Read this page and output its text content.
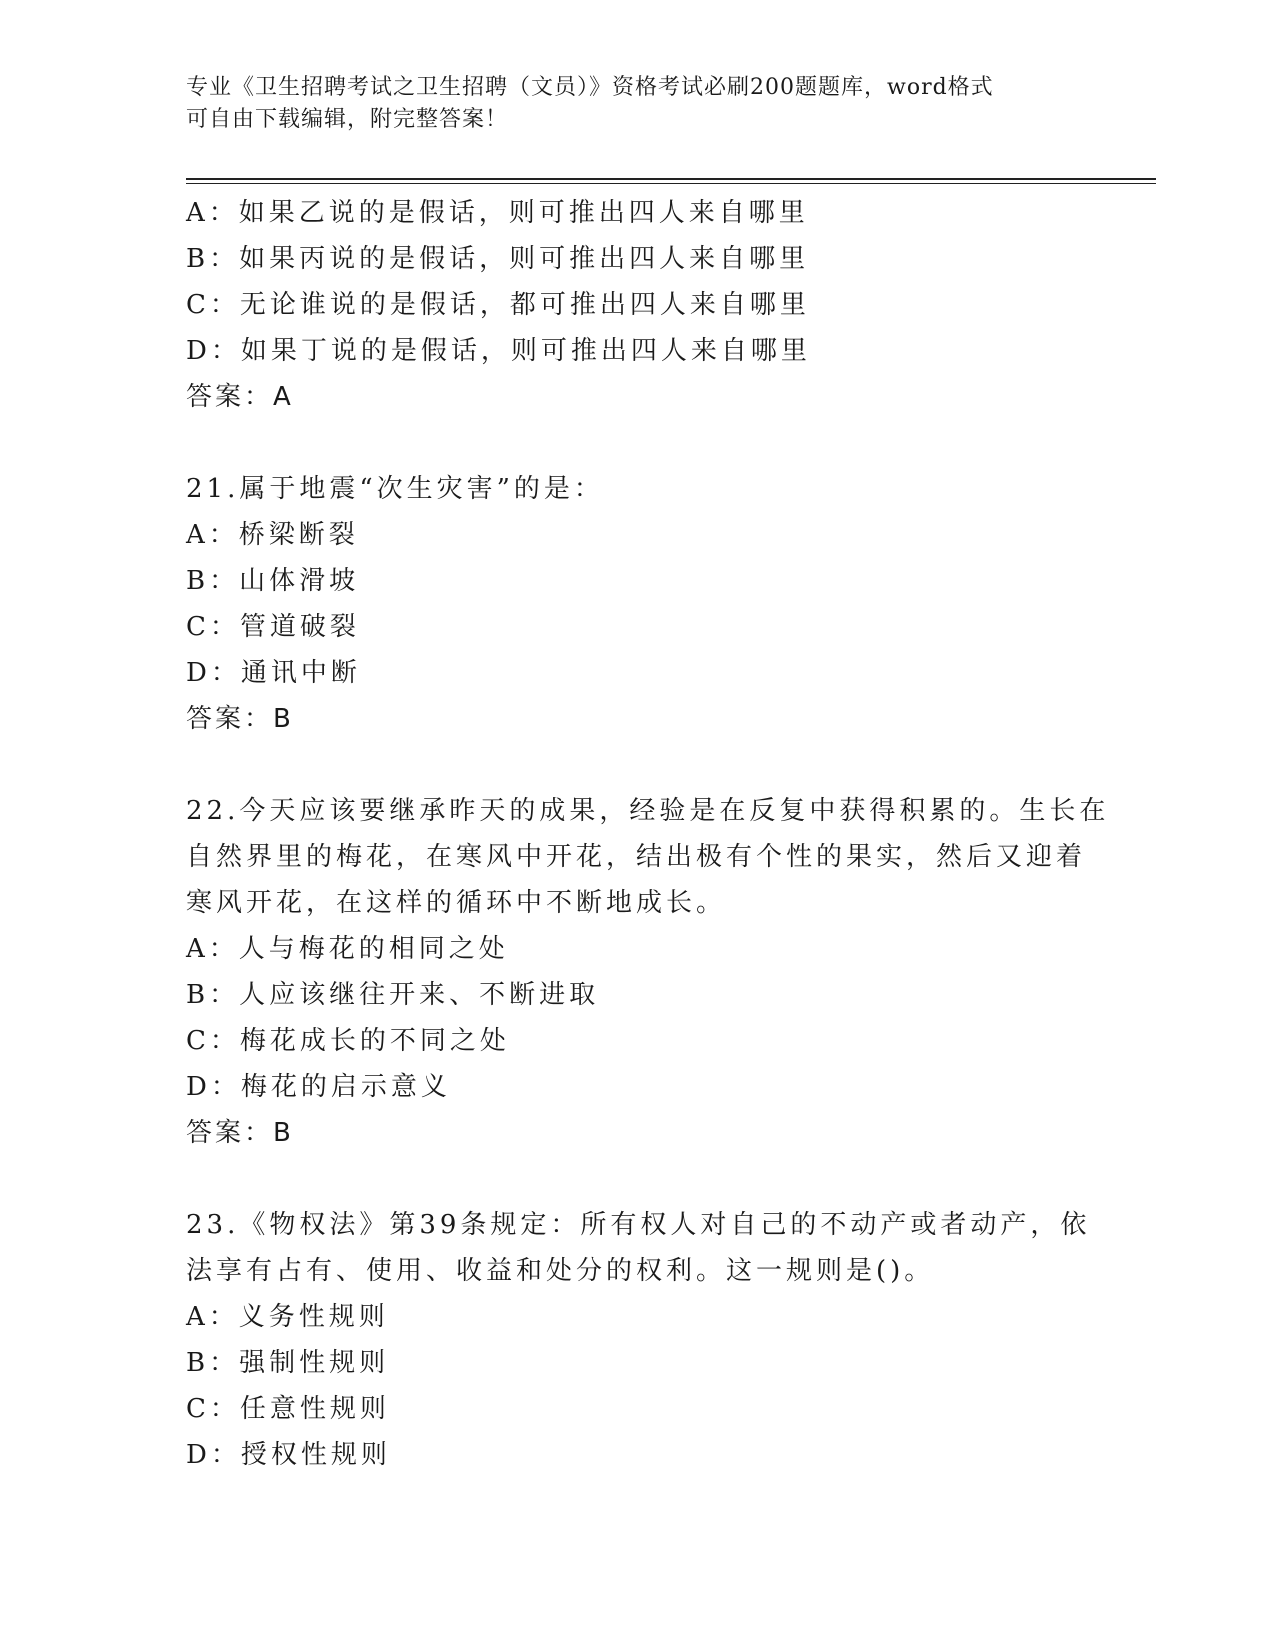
专业《卫生招聘考试之卫生招聘（文员）》资格考试必刷200题题库，word格式
可自由下载编辑，附完整答案！
A：如果乙说的是假话，则可推出四人来自哪里
B：如果丙说的是假话，则可推出四人来自哪里
C：无论谁说的是假话，都可推出四人来自哪里
D：如果丁说的是假话，则可推出四人来自哪里
答案：A
21.属于地震“次生灾害”的是：
A：桥梁断裂
B：山体滑坡
C：管道破裂
D：通讯中断
答案：B
22.今天应该要继承昨天的成果，经验是在反复中获得积累的。生长在
自然界里的梅花，在寒风中开花，结出极有个性的果实，然后又迎着
寒风开花，在这样的循环中不断地成长。
A：人与梅花的相同之处
B：人应该继往开来、不断进取
C：梅花成长的不同之处
D：梅花的启示意义
答案：B
23.《物权法》第39条规定：所有权人对自己的不动产或者动产，依
法享有占有、使用、收益和处分的权利。这一规则是()。
A：义务性规则
B：强制性规则
C：任意性规则
D：授权性规则
